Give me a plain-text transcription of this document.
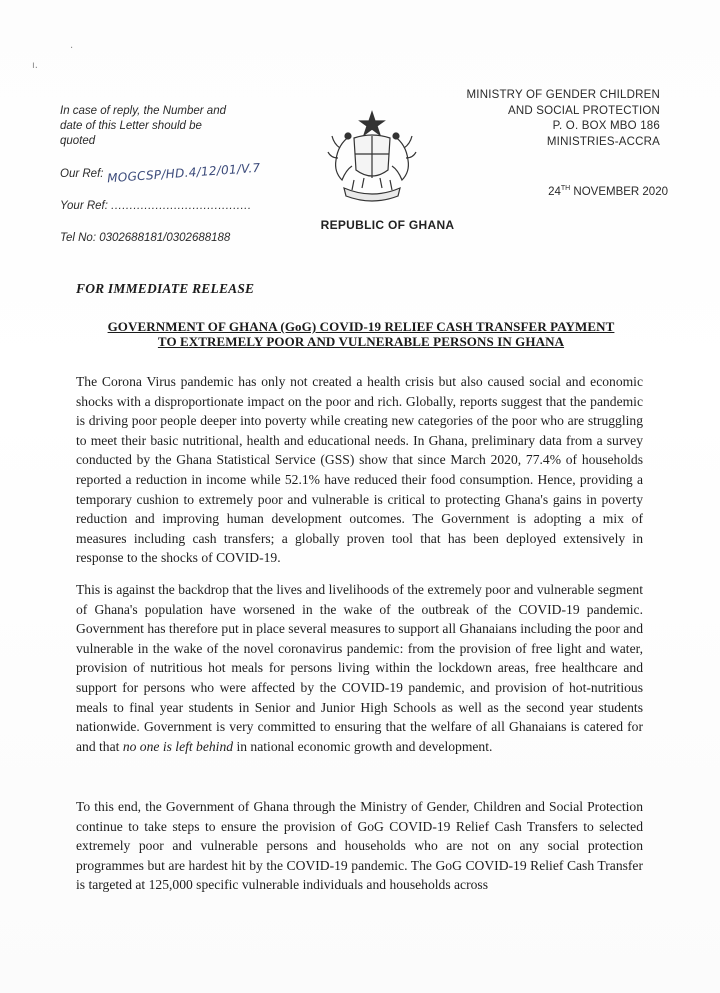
.
ı.
In case of reply, the Number and date of this Letter should be quoted
Our Ref: MOGCSP/HD.4/12/01/V.7
Your Ref: ......................................
Tel No: 0302688181/0302688188
MINISTRY OF GENDER CHILDREN
AND SOCIAL PROTECTION
P. O. BOX MBO 186
MINISTRIES-ACCRA
24TH NOVEMBER 2020
REPUBLIC OF GHANA
FOR IMMEDIATE RELEASE
GOVERNMENT OF GHANA (GoG) COVID-19 RELIEF CASH TRANSFER PAYMENT
TO EXTREMELY POOR AND VULNERABLE PERSONS IN GHANA
The Corona Virus pandemic has only not created a health crisis but also caused social and economic shocks with a disproportionate impact on the poor and rich. Globally, reports suggest that the pandemic is driving poor people deeper into poverty while creating new categories of the poor who are struggling to meet their basic nutritional, health and educational needs. In Ghana, preliminary data from a survey conducted by the Ghana Statistical Service (GSS) show that since March 2020, 77.4% of households reported a reduction in income while 52.1% have reduced their food consumption. Hence, providing a temporary cushion to extremely poor and vulnerable is critical to protecting Ghana's gains in poverty reduction and improving human development outcomes. The Government is adopting a mix of measures including cash transfers; a globally proven tool that has been deployed extensively in response to the shocks of COVID-19.
This is against the backdrop that the lives and livelihoods of the extremely poor and vulnerable segment of Ghana's population have worsened in the wake of the outbreak of the COVID-19 pandemic. Government has therefore put in place several measures to support all Ghanaians including the poor and vulnerable in the wake of the novel coronavirus pandemic: from the provision of free light and water, provision of nutritious hot meals for persons living within the lockdown areas, free healthcare and support for persons who were affected by the COVID-19 pandemic, and provision of hot-nutritious meals to final year students in Senior and Junior High Schools as well as the second year students nationwide. Government is very committed to ensuring that the welfare of all Ghanaians is catered for and that no one is left behind in national economic growth and development.
To this end, the Government of Ghana through the Ministry of Gender, Children and Social Protection continue to take steps to ensure the provision of GoG COVID-19 Relief Cash Transfers to selected extremely poor and vulnerable persons and households who are not on any social protection programmes but are hardest hit by the COVID-19 pandemic. The GoG COVID-19 Relief Cash Transfer is targeted at 125,000 specific vulnerable individuals and households across
